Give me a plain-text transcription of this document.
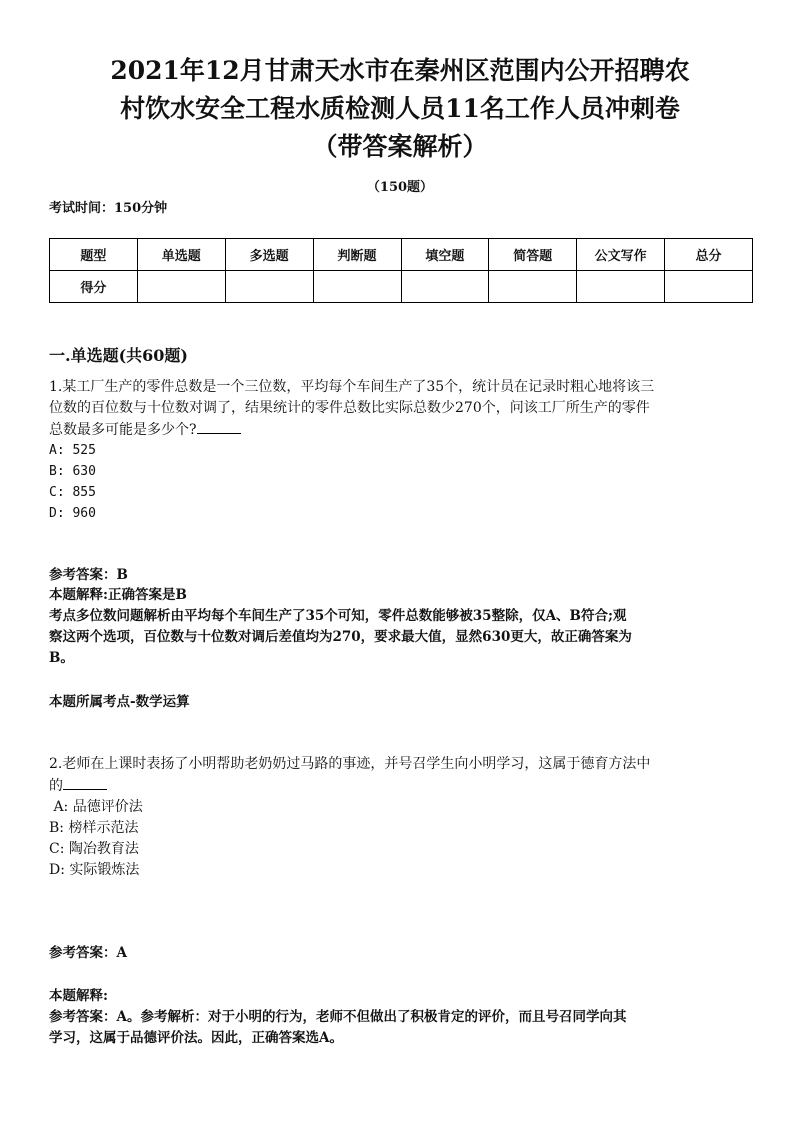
2021年12月甘肃天水市在秦州区范围内公开招聘农
村饮水安全工程水质检测人员11名工作人员冲刺卷
（带答案解析）
（150题）
考试时间：150分钟
题型	单选题	多选题	判断题	填空题	简答题	公文写作	总分
得分							
一.单选题(共60题)
1.某工厂生产的零件总数是一个三位数，平均每个车间生产了35个，统计员在记录时粗心地将该三
位数的百位数与十位数对调了，结果统计的零件总数比实际总数少270个，问该工厂所生产的零件
总数最多可能是多少个?
A: 525
B: 630
C: 855
D: 960
参考答案：B
本题解释:正确答案是B
考点多位数问题解析由平均每个车间生产了35个可知，零件总数能够被35整除，仅A、B符合;观
察这两个选项，百位数与十位数对调后差值均为270，要求最大值，显然630更大，故正确答案为
B。
本题所属考点-数学运算
2.老师在上课时表扬了小明帮助老奶奶过马路的事迹，并号召学生向小明学习，这属于德育方法中
的
A: 品德评价法
B: 榜样示范法
C: 陶冶教育法
D: 实际锻炼法
参考答案：A
本题解释:
参考答案：A。参考解析：对于小明的行为，老师不但做出了积极肯定的评价，而且号召同学向其
学习，这属于品德评价法。因此，正确答案选A。
